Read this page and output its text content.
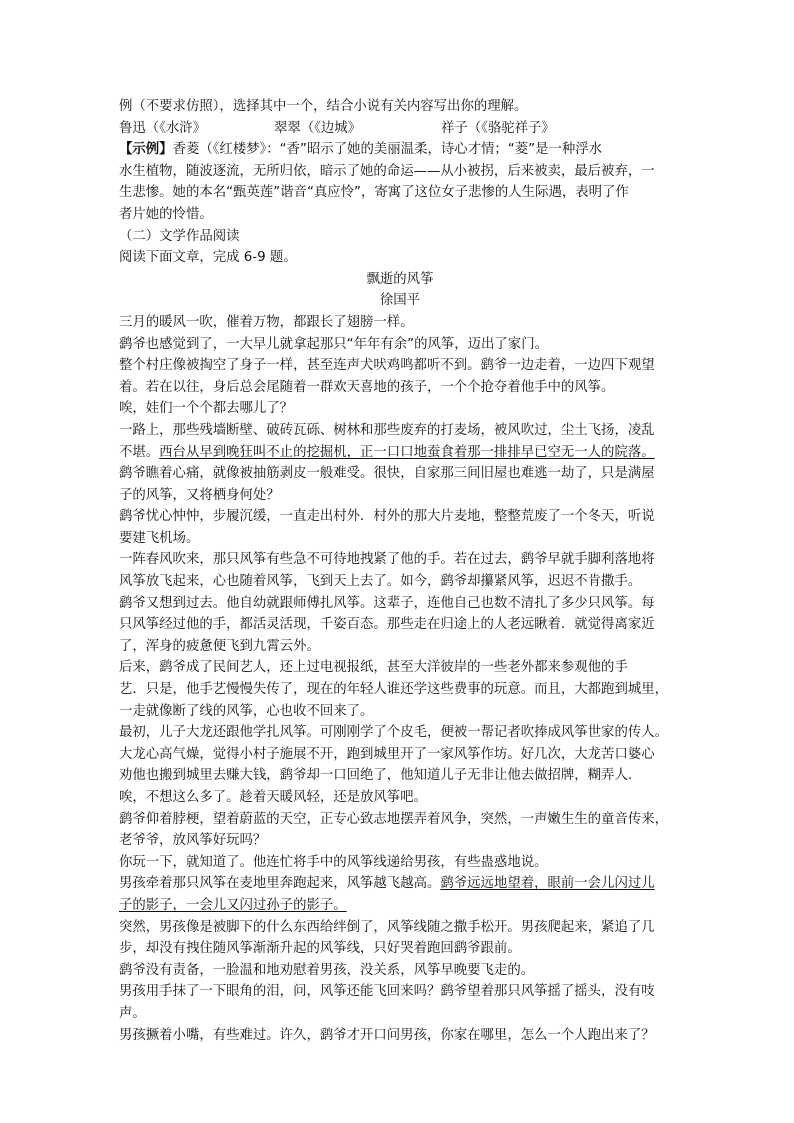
例（不要求仿照），选择其中一个，结合小说有关内容写出你的理解。
鲁迅（《水浒》	翠翠（《边城》	祥子（《骆驼祥子》
【示例】香菱（《红楼梦》：“香”昭示了她的美丽温柔，诗心才情；“菱”是一种浮水
水生植物，随波逐流，无所归依，暗示了她的命运——从小被拐，后来被卖，最后被弃，一
生悲惨。她的本名“甄英莲”谐音“真应怜”，寄寓了这位女子悲惨的人生际遇，表明了作
者片她的怜惜。
（二）文学作品阅读
阅读下面文章，完成 6-9 题。
飘逝的风筝
徐国平
三月的暖风一吹，催着万物，都跟长了翅膀一样。
鹞爷也感觉到了，一大早儿就拿起那只“年年有余”的风筝，迈出了家门。
整个村庄像被掏空了身子一样，甚至连声犬吠鸡鸣都听不到。鹞爷一边走着，一边四下观望
着。若在以往，身后总会尾随着一群欢天喜地的孩子，一个个抢夺着他手中的风筝。
唉，娃们一个个都去哪儿了？
一路上，那些残墙断壁、破砖瓦砾、树林和那些废弃的打麦场，被风吹过，尘土飞扬，凌乱
不堪。西台从早到晚狂叫不止的挖掘机，正一口口地蚕食着那一排排早已空无一人的院落。
鹞爷瞧着心痛，就像被抽筋剥皮一般难受。很快，自家那三间旧屋也难逃一劫了，只是满屋
子的风筝，又将栖身何处？
鹞爷忧心忡忡，步履沉缓，一直走出村外．村外的那大片麦地，整整荒废了一个冬天，听说
要建飞机场。
一阵春风吹来，那只风筝有些急不可待地拽紧了他的手。若在过去，鹞爷早就手脚利落地将
风筝放飞起来，心也随着风筝，飞到天上去了。如今，鹞爷却攥紧风筝，迟迟不肯撒手。
鹞爷又想到过去。他自幼就跟师傅扎风筝。这辈子，连他自己也数不清扎了多少只风筝。每
只风筝经过他的手，都活灵活现，千姿百态。那些走在归途上的人老远瞅着．就觉得离家近
了，浑身的疲惫便飞到九霄云外。
后来，鹞爷成了民间艺人，还上过电视报纸，甚至大洋彼岸的一些老外都来参观他的手
艺．只是，他手艺慢慢失传了，现在的年轻人谁还学这些费事的玩意。而且，大都跑到城里，
一走就像断了线的风筝，心也收不回来了。
最初，儿子大龙还跟他学扎风筝。可刚刚学了个皮毛，便被一帮记者吹捧成风筝世家的传人。
大龙心高气燥，觉得小村子施展不开，跑到城里开了一家风筝作坊。好几次，大龙苦口婆心
劝他也搬到城里去赚大钱，鹞爷却一口回绝了，他知道儿子无非让他去做招牌，糊弄人．
唉，不想这么多了。趁着天暖风轻，还是放风筝吧。
鹞爷仰着脖梗，望着蔚蓝的天空，正专心致志地摆弄着风争，突然，一声嫩生生的童音传来，
老爷爷，放风筝好玩吗？
你玩一下，就知道了。他连忙将手中的风筝线递给男孩，有些蛊惑地说。
男孩牵着那只风筝在麦地里奔跑起来，风筝越飞越高。鹞爷远远地望着，眼前一会儿闪过儿
子的影子，一会儿又闪过孙子的影子。
突然，男孩像是被脚下的什么东西给绊倒了，风筝线随之撒手松开。男孩爬起来，紧追了几
步，却没有拽住随风筝渐渐升起的风筝线，只好哭着跑回鹞爷跟前。
鹞爷没有责备，一脸温和地劝慰着男孩，没关系，风筝早晚要飞走的。
男孩用手抹了一下眼角的泪，问，风筝还能飞回来吗？鹞爷望着那只风筝摇了摇头，没有吱
声。
男孩撅着小嘴，有些难过。许久，鹞爷才开口问男孩，你家在哪里，怎么一个人跑出来了？
